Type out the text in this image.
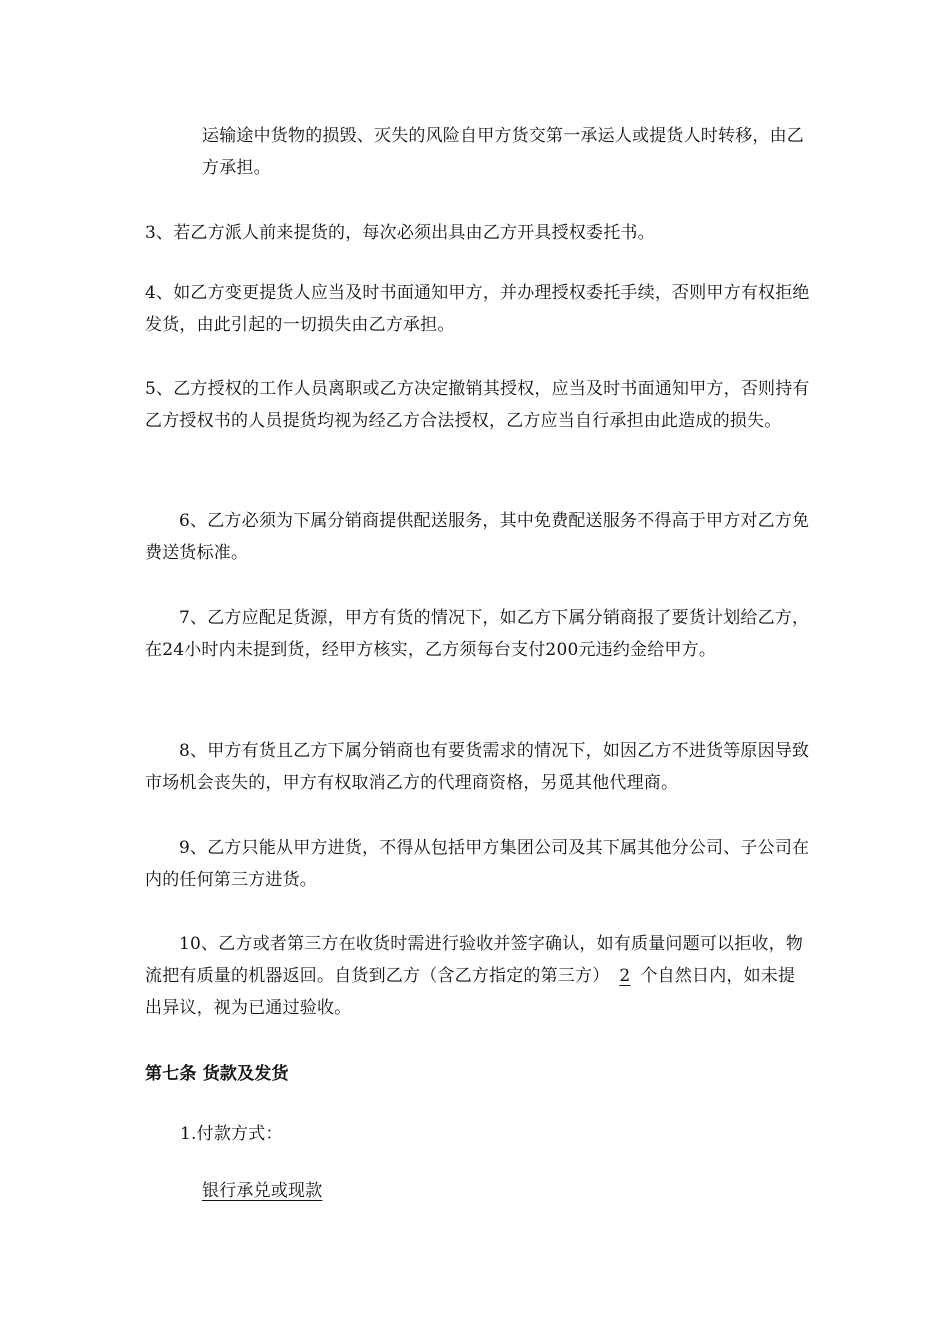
运输途中货物的损毁、灭失的风险自甲方货交第一承运人或提货人时转移，由乙方承担。

3、若乙方派人前来提货的，每次必须出具由乙方开具授权委托书。

4、如乙方变更提货人应当及时书面通知甲方，并办理授权委托手续，否则甲方有权拒绝发货，由此引起的一切损失由乙方承担。

5、乙方授权的工作人员离职或乙方决定撤销其授权，应当及时书面通知甲方，否则持有乙方授权书的人员提货均视为经乙方合法授权，乙方应当自行承担由此造成的损失。

6、乙方必须为下属分销商提供配送服务，其中免费配送服务不得高于甲方对乙方免费送货标准。

7、乙方应配足货源，甲方有货的情况下，如乙方下属分销商报了要货计划给乙方，在24小时内未提到货，经甲方核实，乙方须每台支付200元违约金给甲方。

8、甲方有货且乙方下属分销商也有要货需求的情况下，如因乙方不进货等原因导致市场机会丧失的，甲方有权取消乙方的代理商资格，另觅其他代理商。

9、乙方只能从甲方进货，不得从包括甲方集团公司及其下属其他分公司、子公司在内的任何第三方进货。

10、乙方或者第三方在收货时需进行验收并签字确认，如有质量问题可以拒收，物流把有质量的机器返回。自货到乙方（含乙方指定的第三方） 2 个自然日内，如未提出异议，视为已通过验收。

第七条 货款及发货

1.付款方式：

银行承兑或现款
